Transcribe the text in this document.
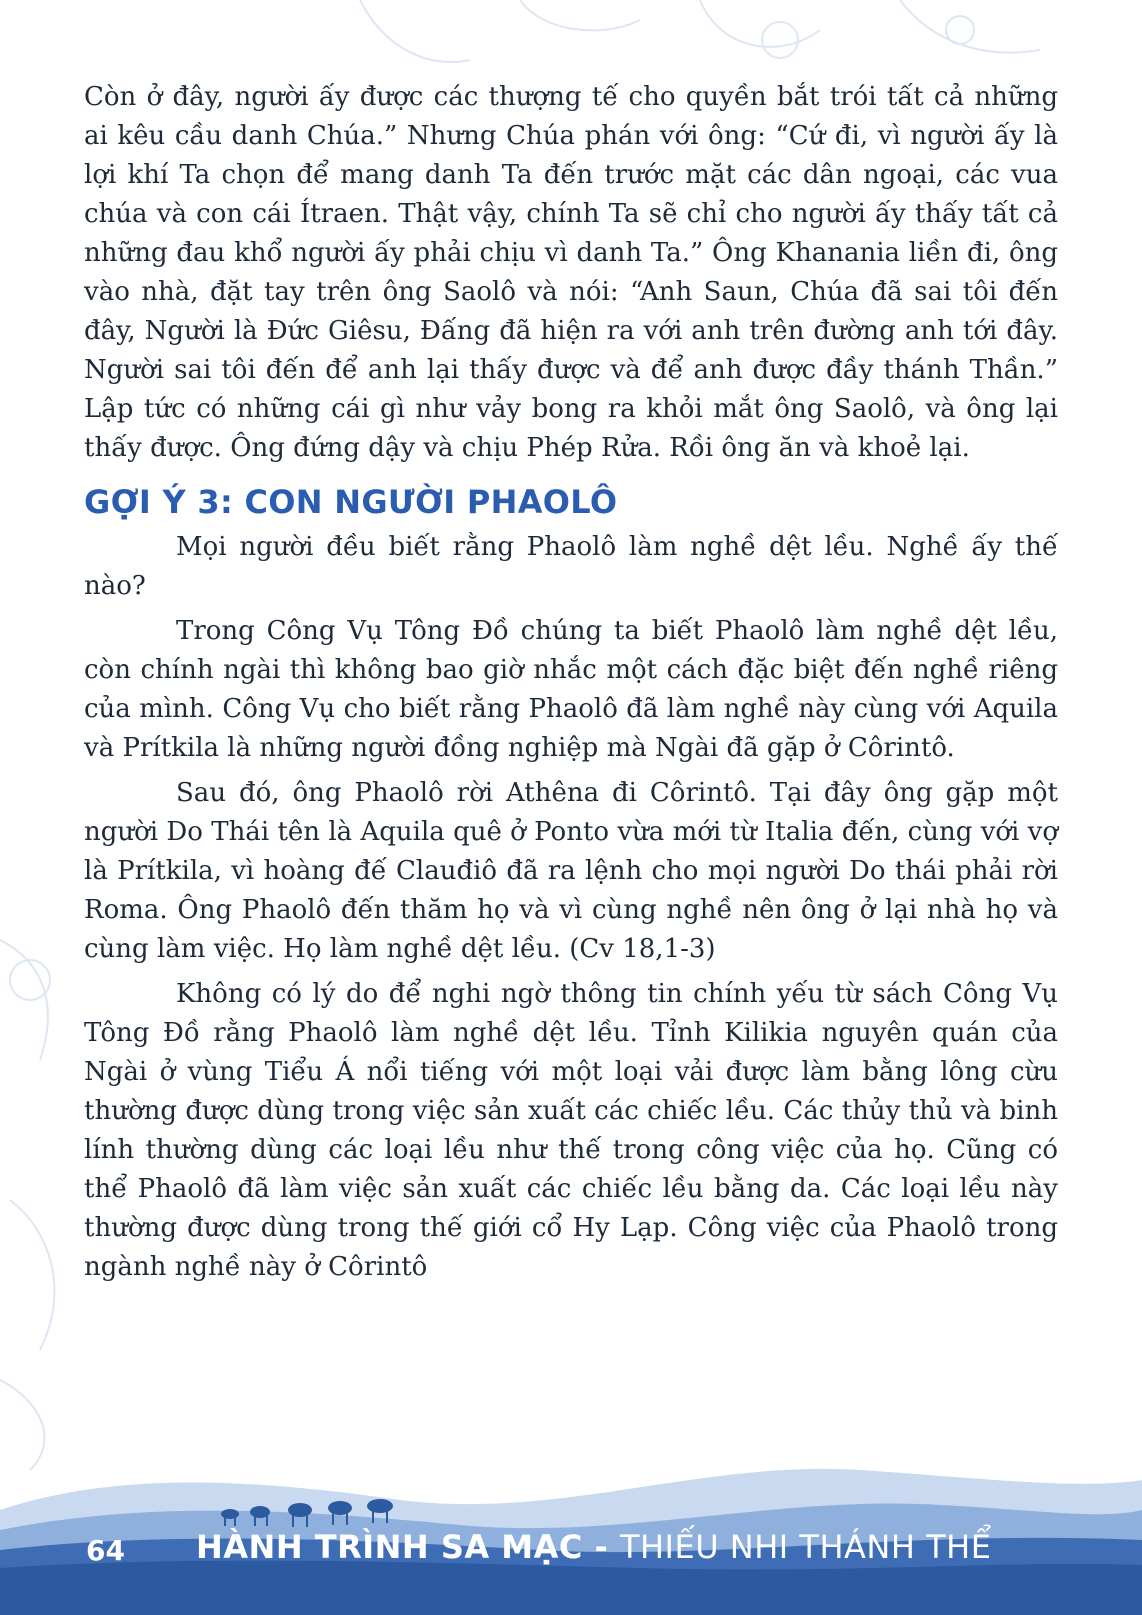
Còn ở đây, người ấy được các thượng tế cho quyền bắt trói tất cả những ai kêu cầu danh Chúa.” Nhưng Chúa phán với ông: “Cứ đi, vì người ấy là lợi khí Ta chọn để mang danh Ta đến trước mặt các dân ngoại, các vua chúa và con cái Ítraen. Thật vậy, chính Ta sẽ chỉ cho người ấy thấy tất cả những đau khổ người ấy phải chịu vì danh Ta.” Ông Khanania liền đi, ông vào nhà, đặt tay trên ông Saolô và nói: “Anh Saun, Chúa đã sai tôi đến đây, Người là Đức Giêsu, Đấng đã hiện ra với anh trên đường anh tới đây. Người sai tôi đến để anh lại thấy được và để anh được đầy thánh Thần.” Lập tức có những cái gì như vảy bong ra khỏi mắt ông Saolô, và ông lại thấy được. Ông đứng dậy và chịu Phép Rửa. Rồi ông ăn và khoẻ lại.

GỢI Ý 3: CON NGƯỜI PHAOLÔ

Mọi người đều biết rằng Phaolô làm nghề dệt lều. Nghề ấy thế nào?

Trong Công Vụ Tông Đồ chúng ta biết Phaolô làm nghề dệt lều, còn chính ngài thì không bao giờ nhắc một cách đặc biệt đến nghề riêng của mình. Công Vụ cho biết rằng Phaolô đã làm nghề này cùng với Aquila và Prítkila là những người đồng nghiệp mà Ngài đã gặp ở Côrintô.

Sau đó, ông Phaolô rời Athêna đi Côrintô. Tại đây ông gặp một người Do Thái tên là Aquila quê ở Ponto vừa mới từ Italia đến, cùng với vợ là Prítkila, vì hoàng đế Clauđiô đã ra lệnh cho mọi người Do thái phải rời Roma. Ông Phaolô đến thăm họ và vì cùng nghề nên ông ở lại nhà họ và cùng làm việc. Họ làm nghề dệt lều. (Cv 18,1-3)

Không có lý do để nghi ngờ thông tin chính yếu từ sách Công Vụ Tông Đồ rằng Phaolô làm nghề dệt lều. Tỉnh Kilikia nguyên quán của Ngài ở vùng Tiểu Á nổi tiếng với một loại vải được làm bằng lông cừu thường được dùng trong việc sản xuất các chiếc lều. Các thủy thủ và binh lính thường dùng các loại lều như thế trong công việc của họ. Cũng có thể Phaolô đã làm việc sản xuất các chiếc lều bằng da. Các loại lều này thường được dùng trong thế giới cổ Hy Lạp. Công việc của Phaolô trong ngành nghề này ở Côrintô

64 HÀNH TRÌNH SA MẠC - THIẾU NHI THÁNH THỂ
